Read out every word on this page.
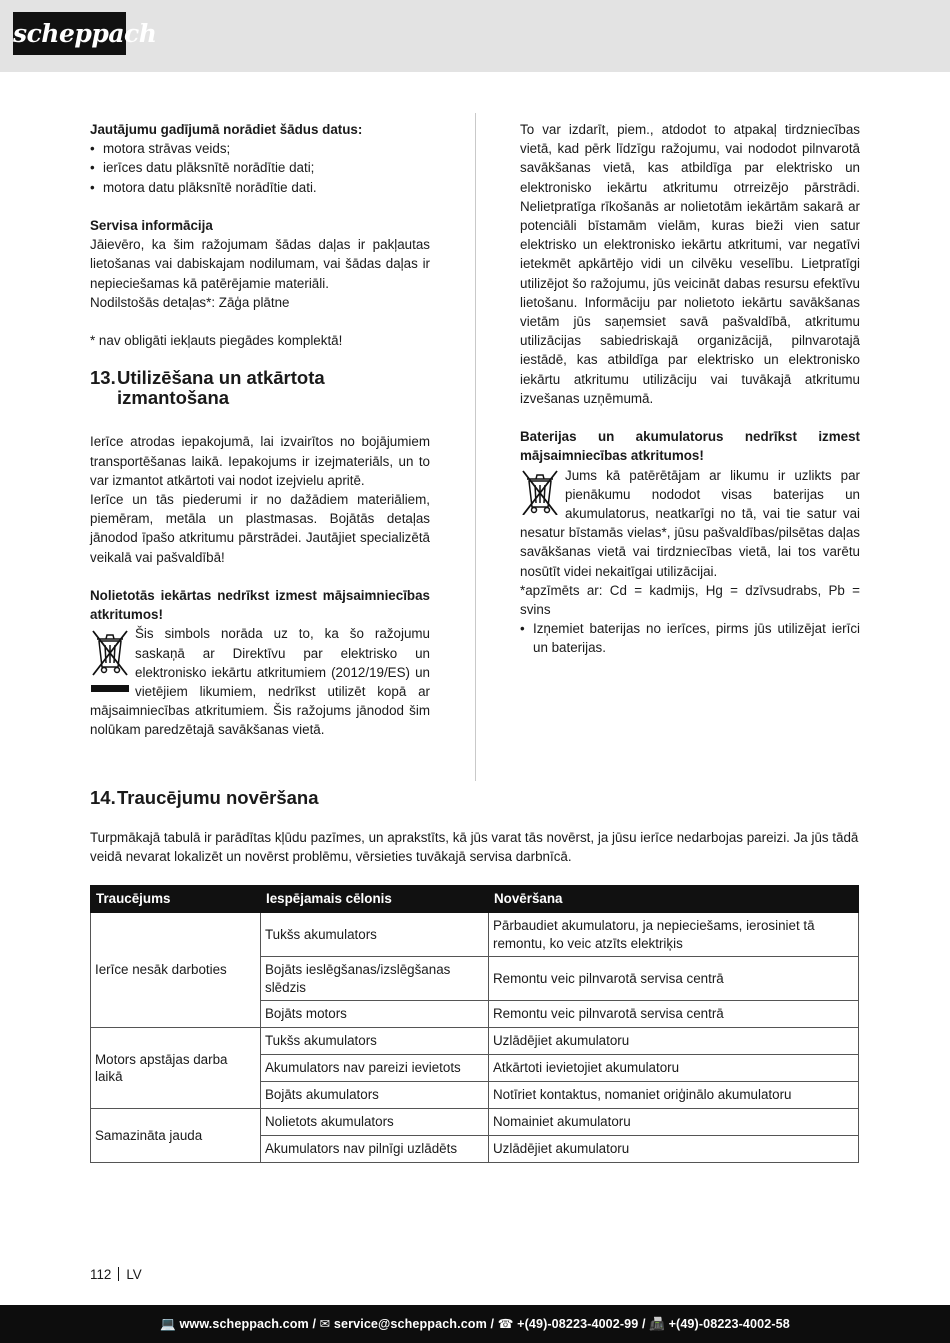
scheppach

Jautājumu gadījumā norādiet šādus datus:

• motora strāvas veids;
• ierīces datu plāksnītē norādītie dati;
• motora datu plāksnītē norādītie dati.

Servisa informācija

Jāievēro, ka šim ražojumam šādas daļas ir pakļautas lietošanas vai dabiskajam nodilumam, vai šādas daļas ir nepieciešamas kā patērējamie materiāli.

Nodilstošās detaļas*: Zāģa plātne

* nav obligāti iekļauts piegādes komplektā!

13. Utilizēšana un atkārtota izmantošana

Ierīce atrodas iepakojumā, lai izvairītos no bojājumiem transportēšanas laikā. Iepakojums ir izejmateriāls, un to var izmantot atkārtoti vai nodot izejvielu apritē.

Ierīce un tās piederumi ir no dažādiem materiāliem, piemēram, metāla un plastmasas. Bojātās detaļas jānodod īpašo atkritumu pārstrādei. Jautājiet specializētā veikalā vai pašvaldībā!

Nolietotās iekārtas nedrīkst izmest mājsaimniecības atkritumos!

Šis simbols norāda uz to, ka šo ražojumu saskaņā ar Direktīvu par elektrisko un elektronisko iekārtu atkritumiem (2012/19/ES) un vietējiem likumiem, nedrīkst utilizēt kopā ar mājsaimniecības atkritumiem. Šis ražojums jānodod šim nolūkam paredzētajā savākšanas vietā.

To var izdarīt, piem., atdodot to atpakaļ tirdzniecības vietā, kad pērk līdzīgu ražojumu, vai nododot pilnvarotā savākšanas vietā, kas atbildīga par elektrisko un elektronisko iekārtu atkritumu otrreizējo pārstrādi. Nelietpratīga rīkošanās ar nolietotām iekārtām sakarā ar potenciāli bīstamām vielām, kuras bieži vien satur elektrisko un elektronisko iekārtu atkritumi, var negatīvi ietekmēt apkārtējo vidi un cilvēku veselību. Lietpratīgi utilizējot šo ražojumu, jūs veicināt dabas resursu efektīvu lietošanu. Informāciju par nolietoto iekārtu savākšanas vietām jūs saņemsiet savā pašvaldībā, atkritumu utilizācijas sabiedriskajā organizācijā, pilnvarotajā iestādē, kas atbildīga par elektrisko un elektronisko iekārtu atkritumu utilizāciju vai tuvākajā atkritumu izvešanas uzņēmumā.

Baterijas un akumulatorus nedrīkst izmest mājsaimniecības atkritumos!

Jums kā patērētājam ar likumu ir uzlikts par pienākumu nododot visas baterijas un akumulatorus, neatkarīgi no tā, vai tie satur vai nesatur bīstamās vielas*, jūsu pašvaldības/pilsētas daļas savākšanas vietā vai tirdzniecības vietā, lai tos varētu nosūtīt videi nekaitīgai utilizācijai.

*apzīmēts ar: Cd = kadmijs, Hg = dzīvsudrabs, Pb = svins

• Izņemiet baterijas no ierīces, pirms jūs utilizējat ierīci un baterijas.
14. Traucējumu novēršana

Turpmākajā tabulā ir parādītas kļūdu pazīmes, un aprakstīts, kā jūs varat tās novērst, ja jūsu ierīce nedarbojas pareizi. Ja jūs tādā veidā nevarat lokalizēt un novērst problēmu, vērsieties tuvākajā servisa darbnīcā.

Traucējums	Iespējamais cēlonis	Novēršana
Ierīce nesāk darboties	Tukšs akumulators	Pārbaudiet akumulatoru, ja nepieciešams, ierosiniet tā remontu, ko veic atzīts elektriķis
	Bojāts ieslēgšanas/izslēgšanas slēdzis	Remontu veic pilnvarotā servisa centrā
	Bojāts motors	Remontu veic pilnvarotā servisa centrā
Motors apstājas darba laikā	Tukšs akumulators	Uzlādējiet akumulatoru
	Akumulators nav pareizi ievietots	Atkārtoti ievietojiet akumulatoru
	Bojāts akumulators	Notīriet kontaktus, nomaniet oriģinālo akumulatoru
Samazināta jauda	Nolietots akumulators	Nomainiet akumulatoru
	Akumulators nav pilnīgi uzlādēts	Uzlādējiet akumulatoru
112 LV
💻 www.scheppach.com / ✉ service@scheppach.com / ☎ +(49)-08223-4002-99 / 📠 +(49)-08223-4002-58
